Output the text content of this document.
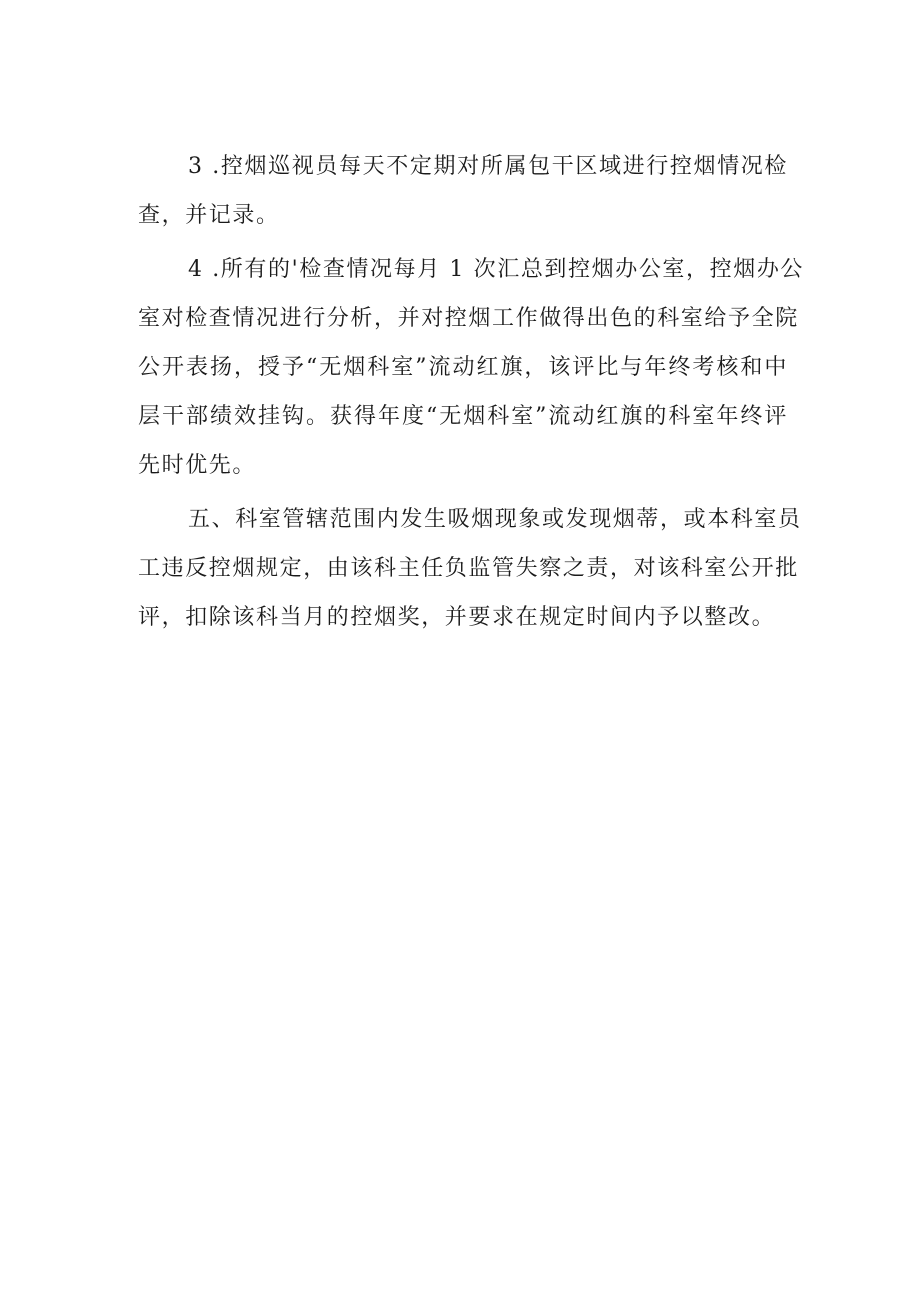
3 .控烟巡视员每天不定期对所属包干区域进行控烟情况检
查，并记录。

4 .所有的'检查情况每月 1 次汇总到控烟办公室，控烟办公
室对检查情况进行分析，并对控烟工作做得出色的科室给予全院
公开表扬，授予“无烟科室”流动红旗，该评比与年终考核和中
层干部绩效挂钩。获得年度“无烟科室”流动红旗的科室年终评
先时优先。

五、科室管辖范围内发生吸烟现象或发现烟蒂，或本科室员
工违反控烟规定，由该科主任负监管失察之责，对该科室公开批
评，扣除该科当月的控烟奖，并要求在规定时间内予以整改。
